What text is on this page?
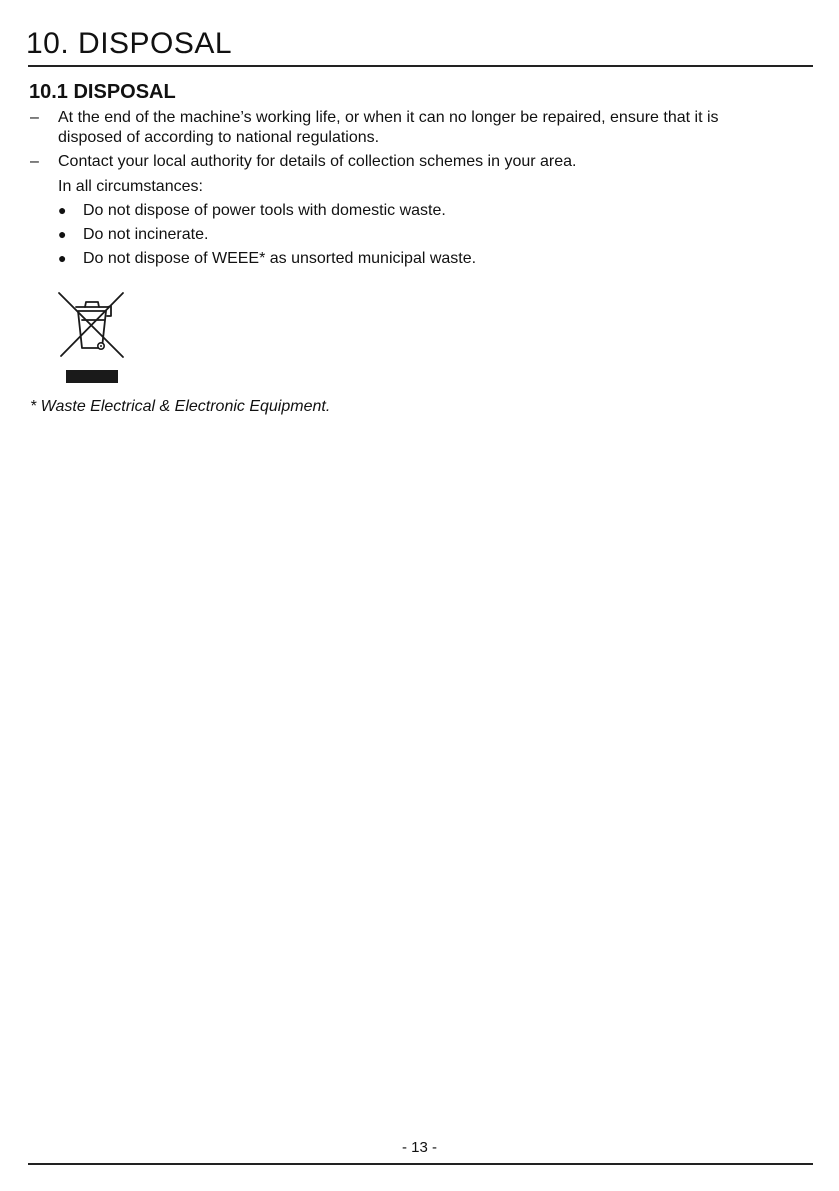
10. DISPOSAL
10.1 DISPOSAL
– At the end of the machine’s working life, or when it can no longer be repaired, ensure that it is
disposed of according to national regulations.
– Contact your local authority for details of collection schemes in your area.
In all circumstances:
● Do not dispose of power tools with domestic waste.
● Do not incinerate.
● Do not dispose of WEEE* as unsorted municipal waste.
* Waste Electrical & Electronic Equipment.
- 13 -
